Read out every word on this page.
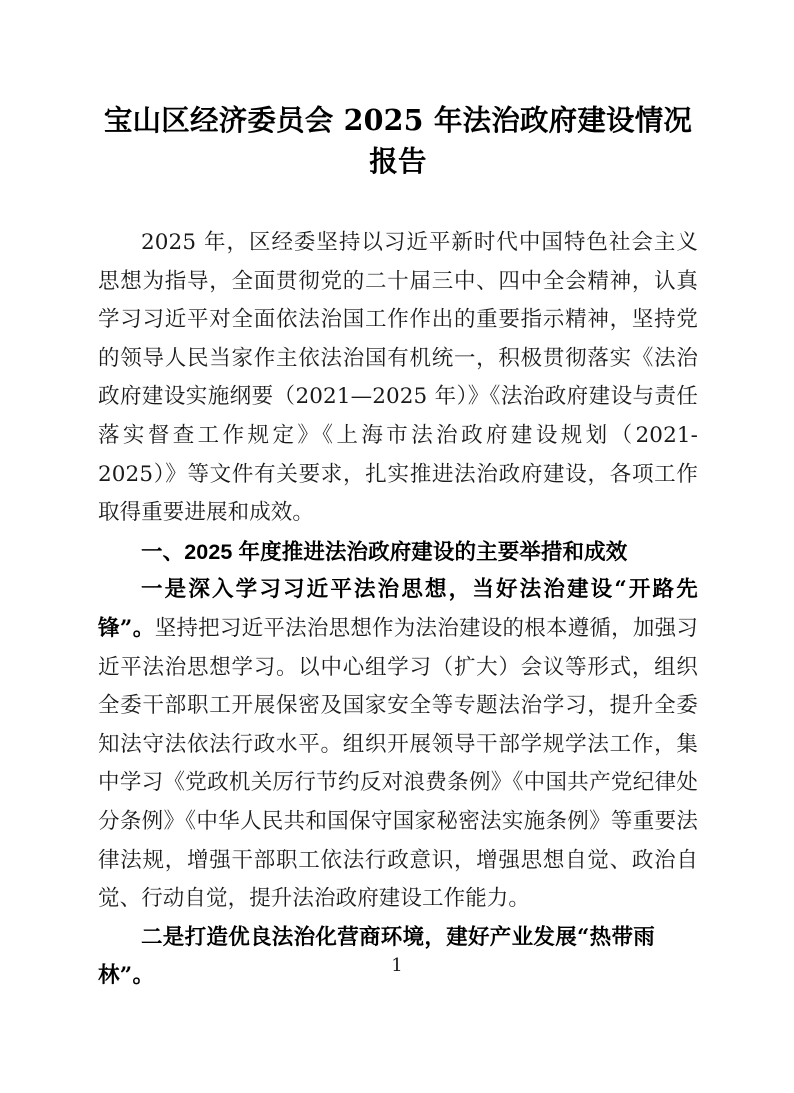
宝山区经济委员会 2025 年法治政府建设情况报告

2025 年，区经委坚持以习近平新时代中国特色社会主义思想为指导，全面贯彻党的二十届三中、四中全会精神，认真学习习近平对全面依法治国工作作出的重要指示精神，坚持党的领导人民当家作主依法治国有机统一，积极贯彻落实《法治政府建设实施纲要（2021—2025 年）》《法治政府建设与责任落实督查工作规定》《上海市法治政府建设规划（2021-2025）》等文件有关要求，扎实推进法治政府建设，各项工作取得重要进展和成效。

一、2025 年度推进法治政府建设的主要举措和成效

一是深入学习习近平法治思想，当好法治建设“开路先锋”。坚持把习近平法治思想作为法治建设的根本遵循，加强习近平法治思想学习。以中心组学习（扩大）会议等形式，组织全委干部职工开展保密及国家安全等专题法治学习，提升全委知法守法依法行政水平。组织开展领导干部学规学法工作，集中学习《党政机关厉行节约反对浪费条例》《中国共产党纪律处分条例》《中华人民共和国保守国家秘密法实施条例》等重要法律法规，增强干部职工依法行政意识，增强思想自觉、政治自觉、行动自觉，提升法治政府建设工作能力。

二是打造优良法治化营商环境，建好产业发展“热带雨林”。	1
